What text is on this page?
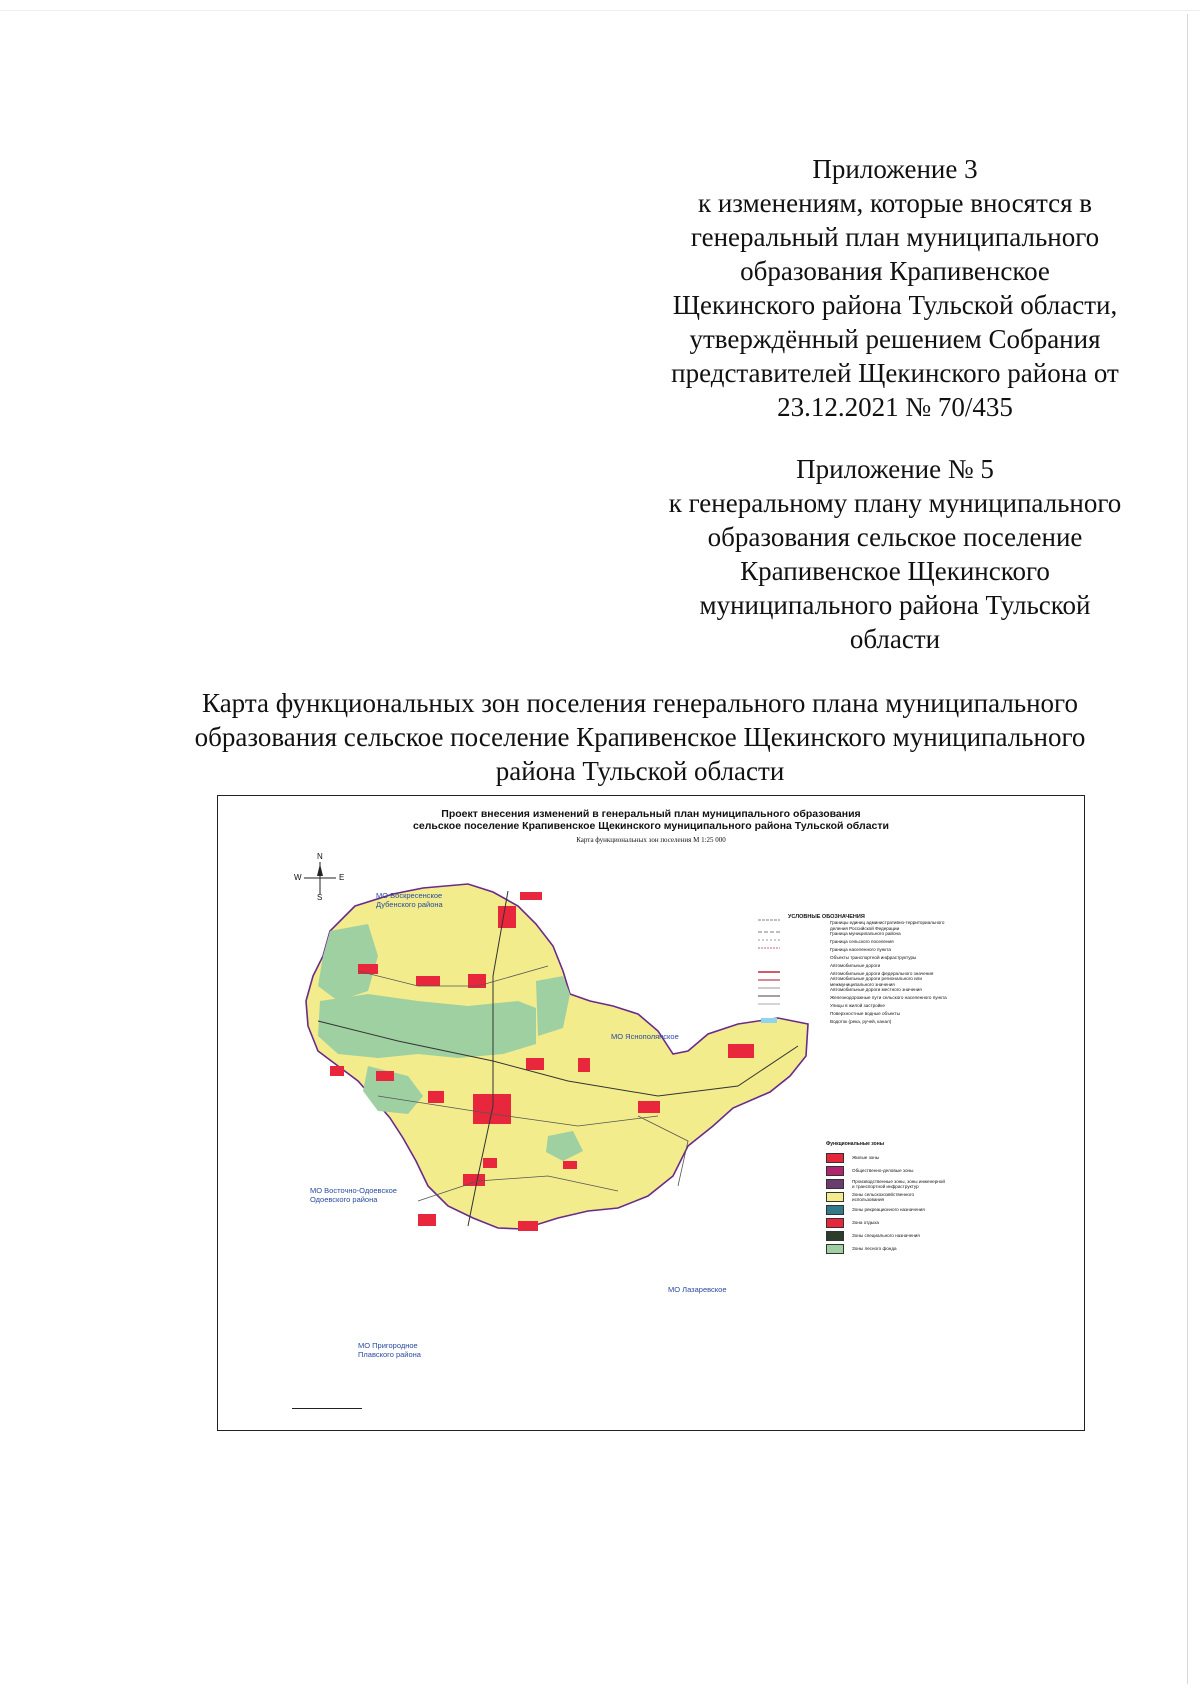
Приложение 3
к изменениям, которые вносятся в
генеральный план муниципального
образования Крапивенское
Щекинского района Тульской области,
утверждённый решением Собрания
представителей Щекинского района от
23.12.2021 № 70/435
Приложение № 5
к генеральному плану муниципального
образования сельское поселение
Крапивенское Щекинского
муниципального района Тульской
области
Карта функциональных зон поселения генерального плана муниципального
образования сельское поселение Крапивенское Щекинского муниципального
района Тульской области
Проект внесения изменений в генеральный план муниципального образования
сельское поселение Крапивенское Щекинского муниципального района Тульской области
Карта функциональных зон поселения М 1:25 000
N
S
W	E
МО Воскресенское
Дубенского района
МО Яснополянское
МО Восточно-Одоевское
Одоевского района
МО Лазаревское
МО Пригородное
Плавского района
УСЛОВНЫЕ ОБОЗНАЧЕНИЯ
Границы единиц административно-территориального деления Российской Федерации
Граница муниципального района
Граница сельского поселения
Граница населенного пункта
Объекты транспортной инфраструктуры
Автомобильные дороги
Автомобильные дороги федерального значения
Автомобильные дороги регионального или межмуниципального значения
Автомобильные дороги местного значения
Железнодорожные пути сельского населенного пункта
Улицы в жилой застройке
Поверхностные водные объекты
Водоток (река, ручей, канал)
Функциональные зоны
Жилые зоны
Общественно-деловые зоны
Производственные зоны, зоны инженерной и транспортной инфраструктур
Зоны сельскохозяйственного использования
Зоны рекреационного назначения
Зона отдыха
Зоны специального назначения
Зоны лесного фонда
